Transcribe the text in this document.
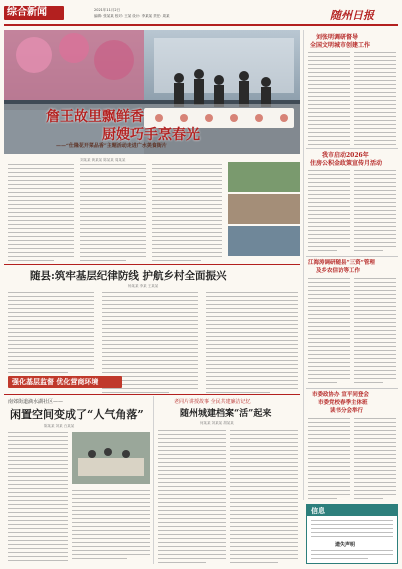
综合新闻	2021年11月2日
编辑: 张某某 校对: 王某 设计: 李某某 责任: 周某	随州日报
詹王故里飘鲜香
厨嫂巧手烹春光
——“仕隆花开菜品香”主题活动走进广水美食街片
刘某某 黄某某 陈某某 周某某
刘张明调研督导
全国文明城市创建工作
我市启动2026年
住房公积金政策宣传月活动
江海涛调研随县“三资”管理
及乡农信访等工作
市委政协办 宣平同登会
市委党校春季主体班
读书分会举行
随县:筑牢基层纪律防线 护航乡村全面振兴
杨某某 李某 王某某
强化基层监督 优化营商环境
南郊街道滴水湖社区——
闲置空间变成了“人气角落”
陈某某 刘某 白某某
老同片讲授故事 全民共建廉洁记忆
随州城建档案“活”起来
何某某 刘某某 胡某某
信息
遗失声明
